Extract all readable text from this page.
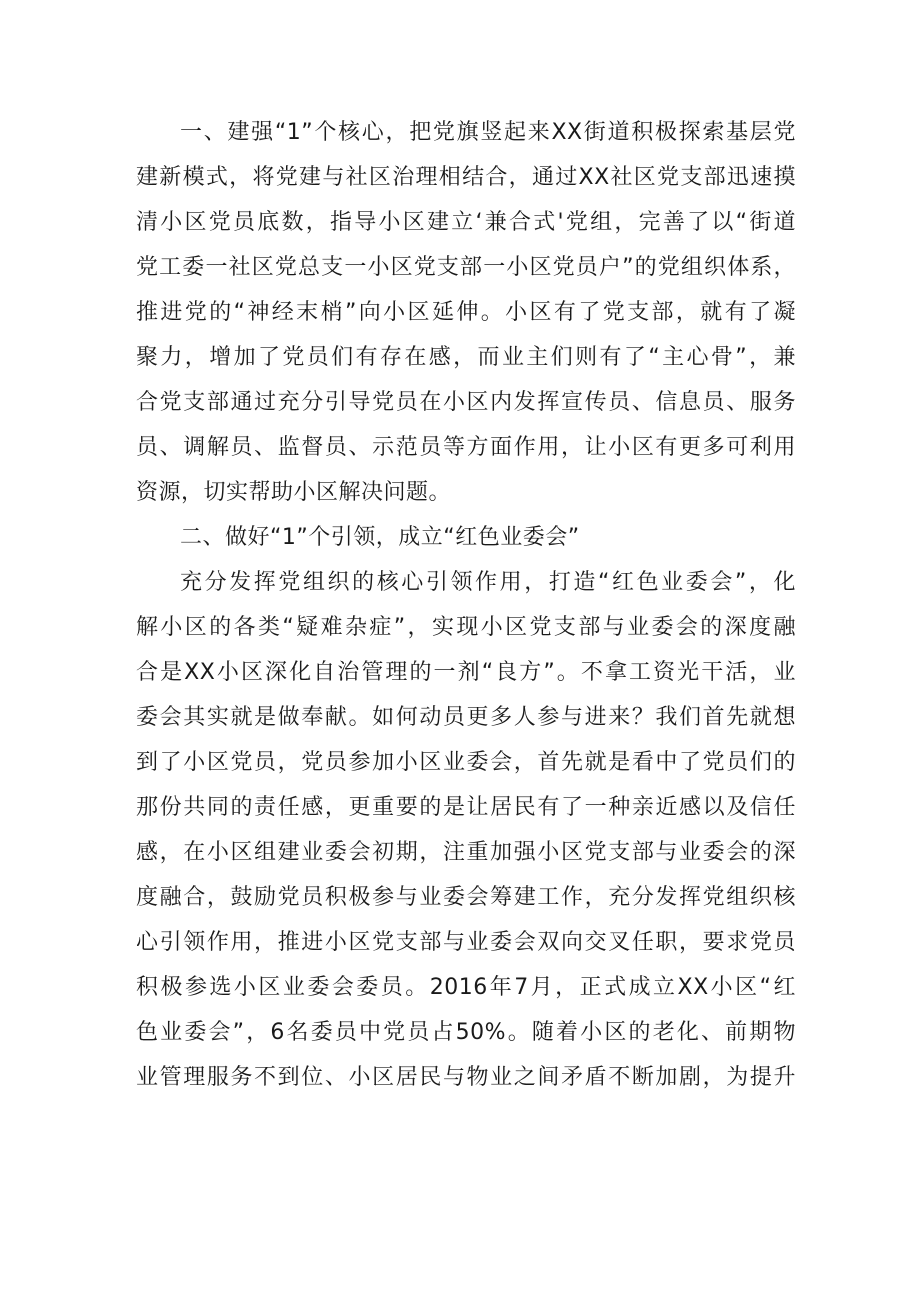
一、建强“1”个核心，把党旗竖起来XX街道积极探索基层党
建新模式，将党建与社区治理相结合，通过XX社区党支部迅速摸
清小区党员底数，指导小区建立‘兼合式'党组，完善了以“街道
党工委一社区党总支一小区党支部一小区党员户”的党组织体系，
推进党的“神经末梢”向小区延伸。小区有了党支部，就有了凝
聚力，增加了党员们有存在感，而业主们则有了“主心骨”，兼
合党支部通过充分引导党员在小区内发挥宣传员、信息员、服务
员、调解员、监督员、示范员等方面作用，让小区有更多可利用
资源，切实帮助小区解决问题。
二、做好“1”个引领，成立“红色业委会”
充分发挥党组织的核心引领作用，打造“红色业委会”，化
解小区的各类“疑难杂症”，实现小区党支部与业委会的深度融
合是XX小区深化自治管理的一剂“良方”。不拿工资光干活，业
委会其实就是做奉献。如何动员更多人参与进来？我们首先就想
到了小区党员，党员参加小区业委会，首先就是看中了党员们的
那份共同的责任感，更重要的是让居民有了一种亲近感以及信任
感，在小区组建业委会初期，注重加强小区党支部与业委会的深
度融合，鼓励党员积极参与业委会筹建工作，充分发挥党组织核
心引领作用，推进小区党支部与业委会双向交叉任职，要求党员
积极参选小区业委会委员。2016年7月，正式成立XX小区“红
色业委会”，6名委员中党员占50%。随着小区的老化、前期物
业管理服务不到位、小区居民与物业之间矛盾不断加剧，为提升
